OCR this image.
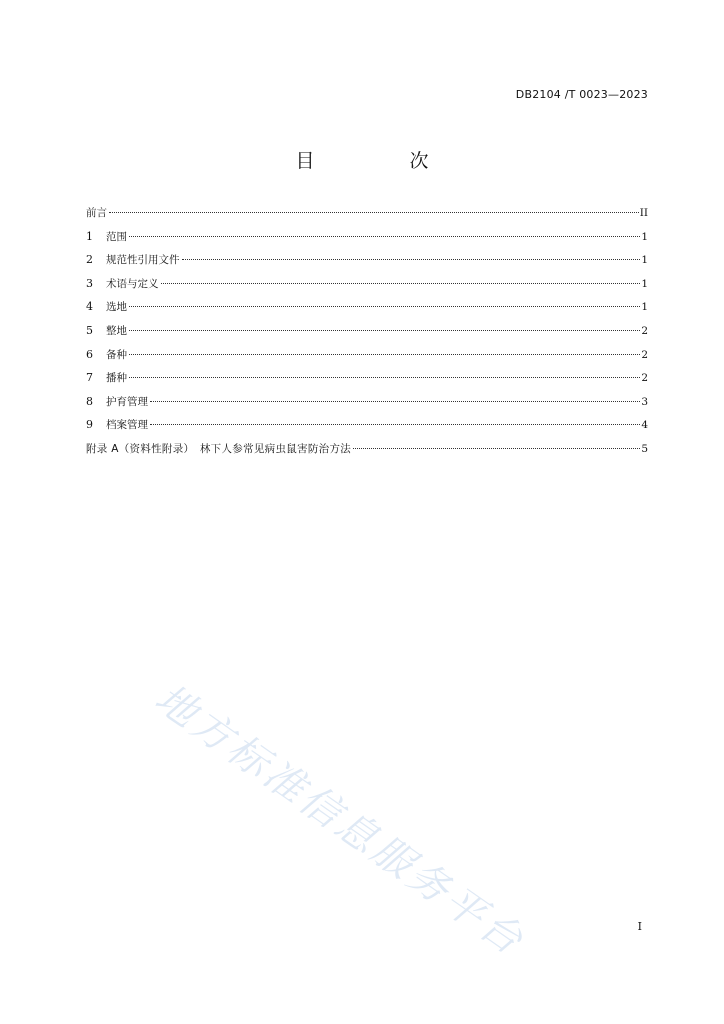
DB2104 /T 0023—2023
目　次
前言	II
1	范围	1
2	规范性引用文件	1
3	术语与定义	1
4	选地	1
5	整地	2
6	备种	2
7	播种	2
8	护育管理	3
9	档案管理	4
附录 A（资料性附录）　林下人参常见病虫鼠害防治方法	5
地方标准信息服务平台	I
